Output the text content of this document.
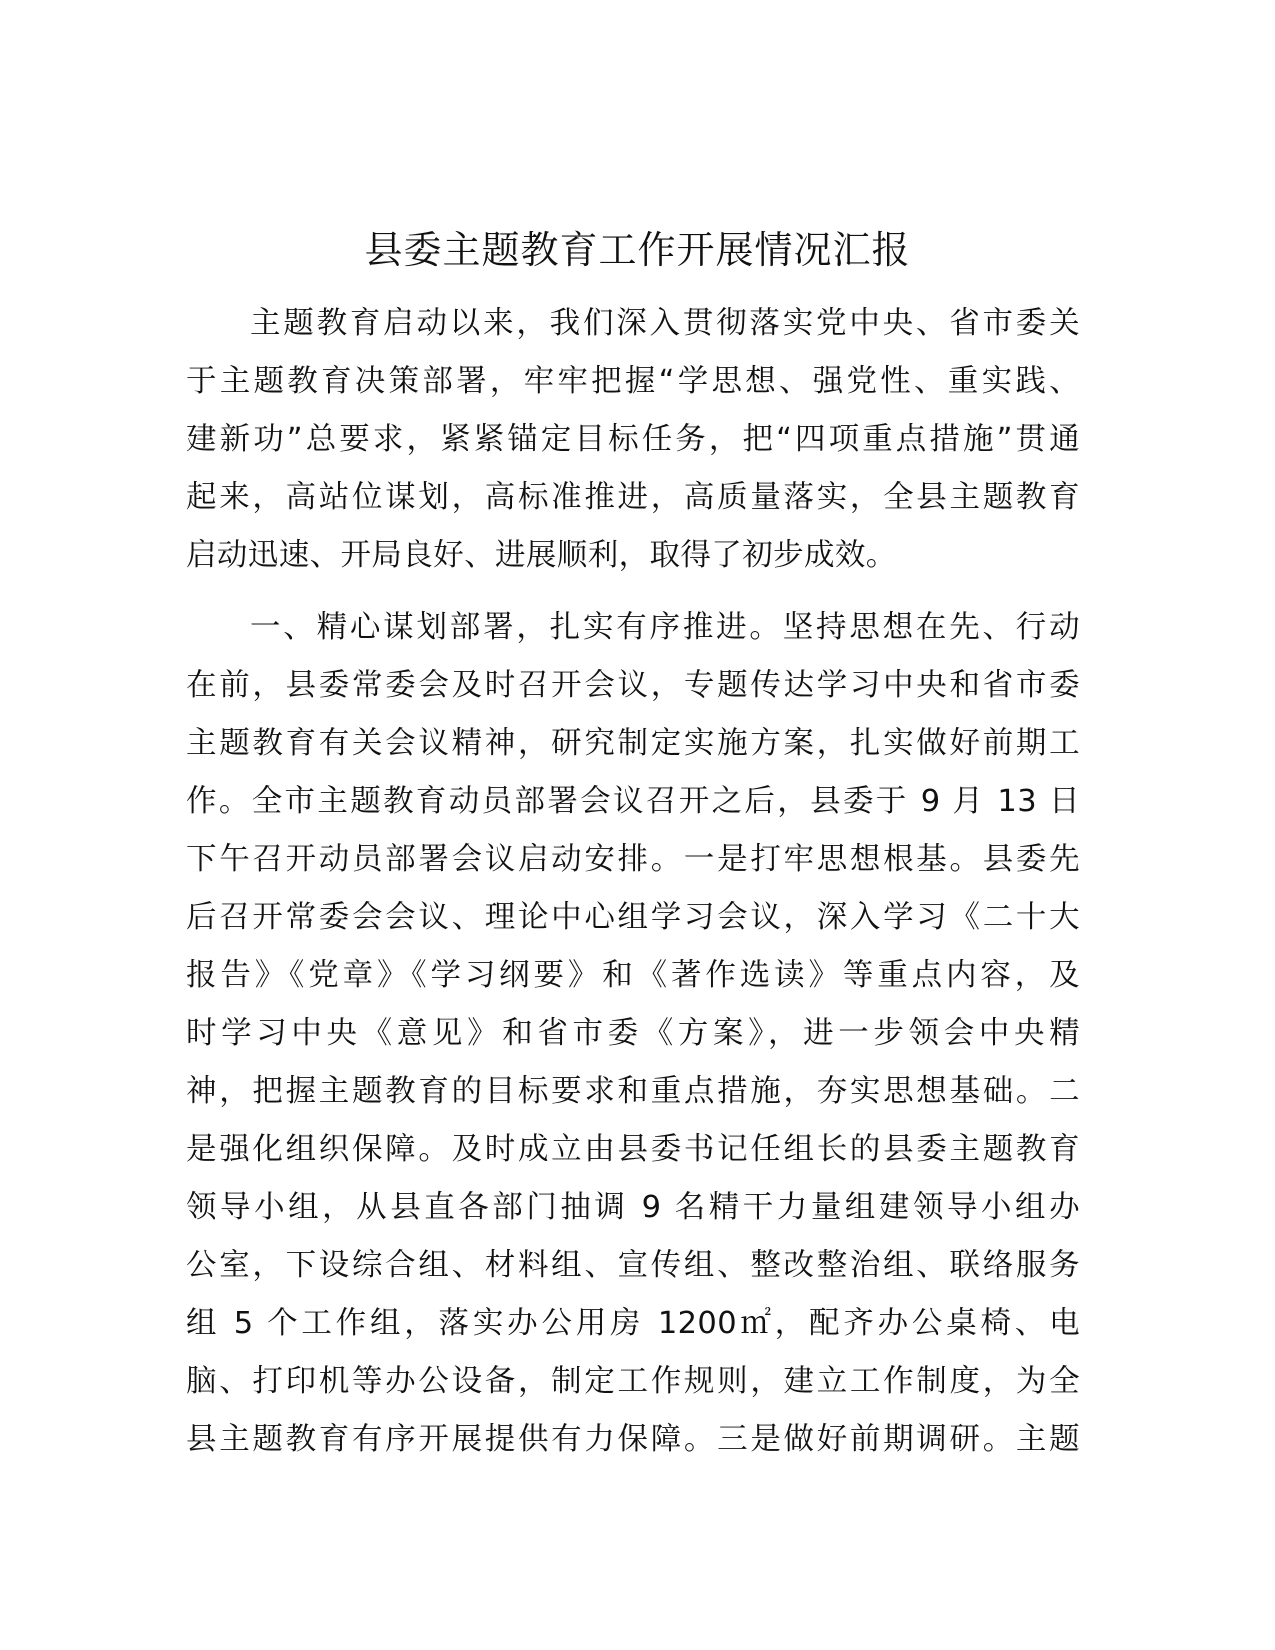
县委主题教育工作开展情况汇报
主题教育启动以来，我们深入贯彻落实党中央、省市委关
于主题教育决策部署，牢牢把握“学思想、强党性、重实践、
建新功”总要求，紧紧锚定目标任务，把“四项重点措施”贯通
起来，高站位谋划，高标准推进，高质量落实，全县主题教育
启动迅速、开局良好、进展顺利，取得了初步成效。
一、精心谋划部署，扎实有序推进。坚持思想在先、行动
在前，县委常委会及时召开会议，专题传达学习中央和省市委
主题教育有关会议精神，研究制定实施方案，扎实做好前期工
作。全市主题教育动员部署会议召开之后，县委于 9 月 13 日
下午召开动员部署会议启动安排。一是打牢思想根基。县委先
后召开常委会会议、理论中心组学习会议，深入学习《二十大
报告》《党章》《学习纲要》和《著作选读》等重点内容，及
时学习中央《意见》和省市委《方案》，进一步领会中央精
神，把握主题教育的目标要求和重点措施，夯实思想基础。二
是强化组织保障。及时成立由县委书记任组长的县委主题教育
领导小组，从县直各部门抽调 9 名精干力量组建领导小组办
公室，下设综合组、材料组、宣传组、整改整治组、联络服务
组 5 个工作组，落实办公用房 1200㎡，配齐办公桌椅、电
脑、打印机等办公设备，制定工作规则，建立工作制度，为全
县主题教育有序开展提供有力保障。三是做好前期调研。主题
